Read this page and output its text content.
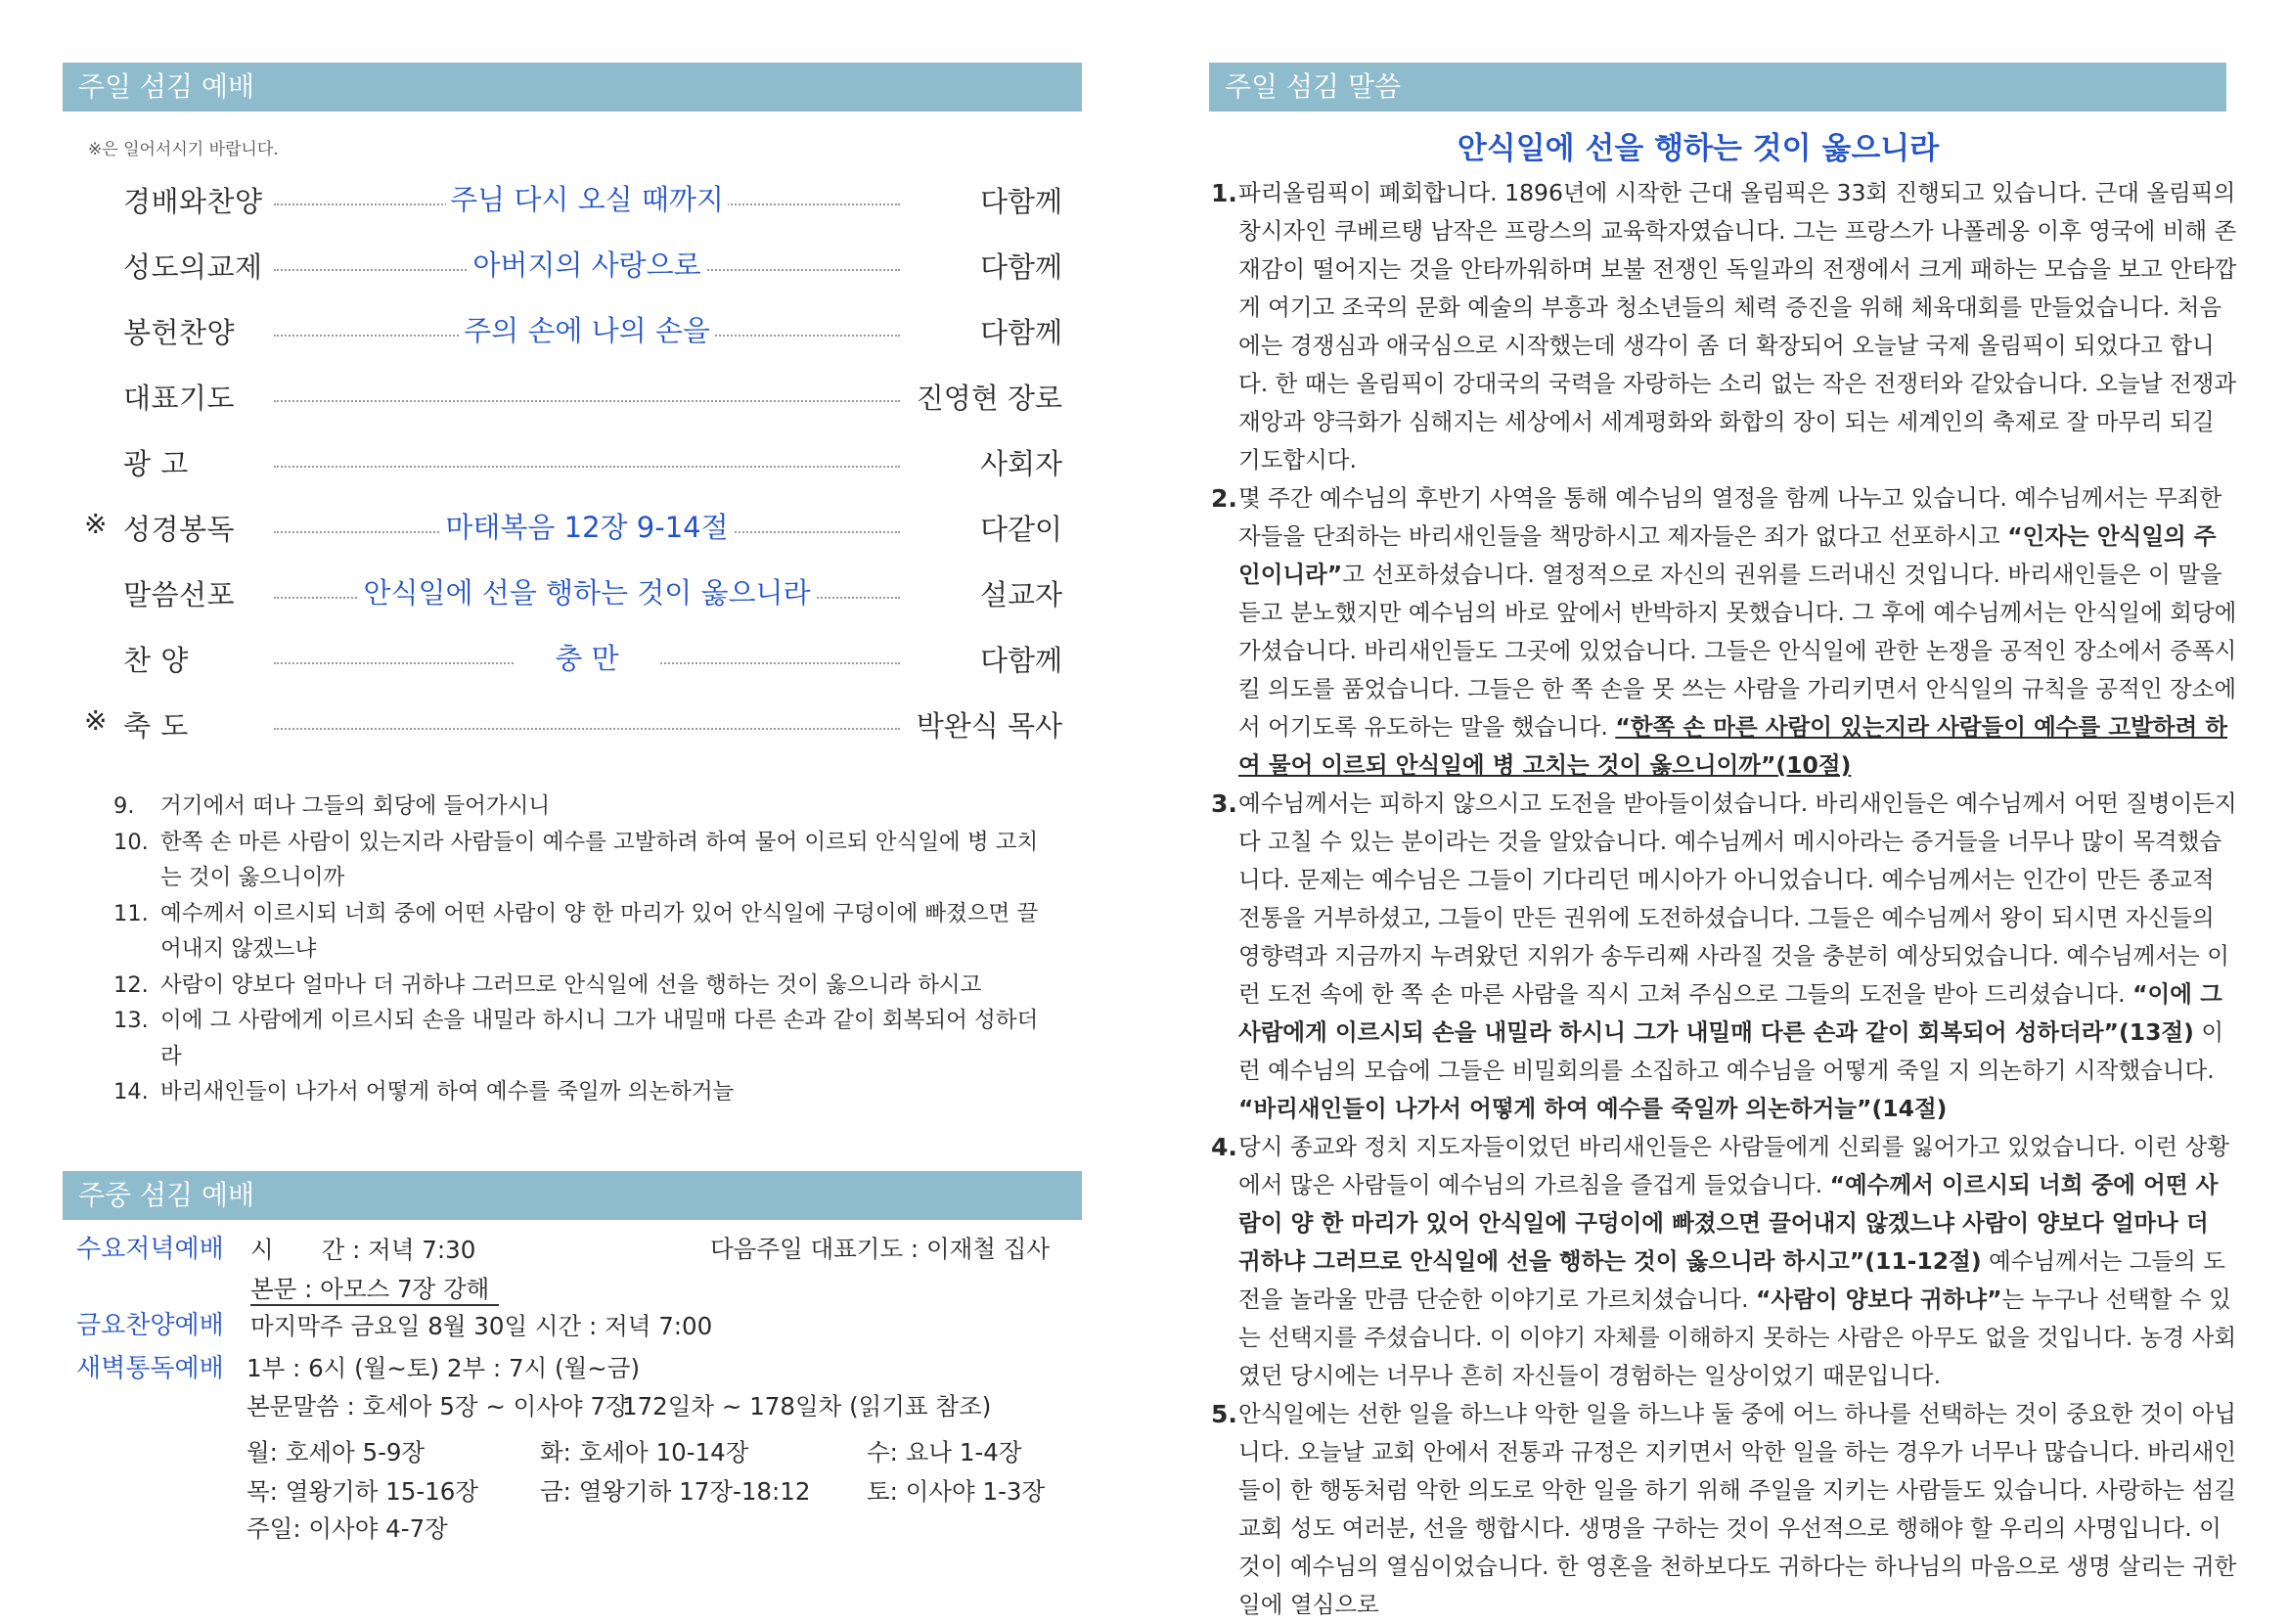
주일 섬김 예배
※은 일어서시기 바랍니다.
경배와찬양	주님 다시 오실 때까지	다함께
성도의교제	아버지의 사랑으로	다함께
봉헌찬양	주의 손에 나의 손을	다함께
대표기도	진영현 장로
광 고	사회자
※ 성경봉독	마태복음 12장 9-14절	다같이
말씀선포	안식일에 선을 행하는 것이 옳으니라	설교자
찬 양	충 만	다함께
※ 축 도	박완식 목사
9. 거기에서 떠나 그들의 회당에 들어가시니
10. 한쪽 손 마른 사람이 있는지라 사람들이 예수를 고발하려 하여 물어 이르되 안식일에 병 고치는 것이 옳으니이까
11. 예수께서 이르시되 너희 중에 어떤 사람이 양 한 마리가 있어 안식일에 구덩이에 빠졌으면 끌어내지 않겠느냐
12. 사람이 양보다 얼마나 더 귀하냐 그러므로 안식일에 선을 행하는 것이 옳으니라 하시고
13. 이에 그 사람에게 이르시되 손을 내밀라 하시니 그가 내밀매 다른 손과 같이 회복되어 성하더라
14. 바리새인들이 나가서 어떻게 하여 예수를 죽일까 의논하거늘
주중 섬김 예배
수요저녁예배 시　　간 : 저녁 7:30	다음주일 대표기도 : 이재철 집사
본문 : 아모스 7장 강해
금요찬양예배 마지막주 금요일 8월 30일 시간 : 저녁 7:00
새벽통독예배 1부 : 6시 (월~토) 2부 : 7시 (월~금)
본문말씀 : 호세아 5장 ~ 이사야 7장
172일차 ~ 178일차 (읽기표 참조)
월: 호세아 5-9장	화: 호세아 10-14장	수: 요나 1-4장
목: 열왕기하 15-16장	금: 열왕기하 17장-18:12 토: 이사야 1-3장
주일: 이사야 4-7장
주일 섬김 말씀
안식일에 선을 행하는 것이 옳으니라
1. 파리올림픽이 폐회합니다. 1896년에 시작한 근대 올림픽은 33회 진행되고 있습니다. 근대 올림픽의 창시자인 쿠베르탱 남작은 프랑스의 교육학자였습니다. 그는 프랑스가 나폴레옹 이후 영국에 비해 존재감이 떨어지는 것을 안타까워하며 보불 전쟁인 독일과의 전쟁에서 크게 패하는 모습을 보고 안타깝게 여기고 조국의 문화 예술의 부흥과 청소년들의 체력 증진을 위해 체육대회를 만들었습니다. 처음에는 경쟁심과 애국심으로 시작했는데 생각이 좀 더 확장되어 오늘날 국제 올림픽이 되었다고 합니다. 한 때는 올림픽이 강대국의 국력을 자랑하는 소리 없는 작은 전쟁터와 같았습니다. 오늘날 전쟁과 재앙과 양극화가 심해지는 세상에서 세계평화와 화합의 장이 되는 세계인의 축제로 잘 마무리 되길 기도합시다.
2. 몇 주간 예수님의 후반기 사역을 통해 예수님의 열정을 함께 나누고 있습니다. 예수님께서는 무죄한 자들을 단죄하는 바리새인들을 책망하시고 제자들은 죄가 없다고 선포하시고 “인자는 안식일의 주인이니라”고 선포하셨습니다. 열정적으로 자신의 권위를 드러내신 것입니다. 바리새인들은 이 말을 듣고 분노했지만 예수님의 바로 앞에서 반박하지 못했습니다. 그 후에 예수님께서는 안식일에 회당에 가셨습니다. 바리새인들도 그곳에 있었습니다. 그들은 안식일에 관한 논쟁을 공적인 장소에서 증폭시킬 의도를 품었습니다. 그들은 한 쪽 손을 못 쓰는 사람을 가리키면서 안식일의 규칙을 공적인 장소에서 어기도록 유도하는 말을 했습니다. “한쪽 손 마른 사람이 있는지라 사람들이 예수를 고발하려 하여 물어 이르되 안식일에 병 고치는 것이 옳으니이까”(10절)
3. 예수님께서는 피하지 않으시고 도전을 받아들이셨습니다. 바리새인들은 예수님께서 어떤 질병이든지 다 고칠 수 있는 분이라는 것을 알았습니다. 예수님께서 메시아라는 증거들을 너무나 많이 목격했습니다. 문제는 예수님은 그들이 기다리던 메시아가 아니었습니다. 예수님께서는 인간이 만든 종교적 전통을 거부하셨고, 그들이 만든 권위에 도전하셨습니다. 그들은 예수님께서 왕이 되시면 자신들의 영향력과 지금까지 누려왔던 지위가 송두리째 사라질 것을 충분히 예상되었습니다. 예수님께서는 이런 도전 속에 한 쪽 손 마른 사람을 직시 고쳐 주심으로 그들의 도전을 받아 드리셨습니다. “이에 그 사람에게 이르시되 손을 내밀라 하시니 그가 내밀매 다른 손과 같이 회복되어 성하더라”(13절) 이런 예수님의 모습에 그들은 비밀회의를 소집하고 예수님을 어떻게 죽일 지 의논하기 시작했습니다. “바리새인들이 나가서 어떻게 하여 예수를 죽일까 의논하거늘”(14절)
4. 당시 종교와 정치 지도자들이었던 바리새인들은 사람들에게 신뢰를 잃어가고 있었습니다. 이런 상황에서 많은 사람들이 예수님의 가르침을 즐겁게 들었습니다. “예수께서 이르시되 너희 중에 어떤 사람이 양 한 마리가 있어 안식일에 구덩이에 빠졌으면 끌어내지 않겠느냐 사람이 양보다 얼마나 더 귀하냐 그러므로 안식일에 선을 행하는 것이 옳으니라 하시고”(11-12절) 예수님께서는 그들의 도전을 놀라울 만큼 단순한 이야기로 가르치셨습니다. “사람이 양보다 귀하냐”는 누구나 선택할 수 있는 선택지를 주셨습니다. 이 이야기 자체를 이해하지 못하는 사람은 아무도 없을 것입니다. 농경 사회였던 당시에는 너무나 흔히 자신들이 경험하는 일상이었기 때문입니다.
5. 안식일에는 선한 일을 하느냐 악한 일을 하느냐 둘 중에 어느 하나를 선택하는 것이 중요한 것이 아닙니다. 오늘날 교회 안에서 전통과 규정은 지키면서 악한 일을 하는 경우가 너무나 많습니다. 바리새인들이 한 행동처럼 악한 의도로 악한 일을 하기 위해 주일을 지키는 사람들도 있습니다. 사랑하는 섬길교회 성도 여러분, 선을 행합시다. 생명을 구하는 것이 우선적으로 행해야 할 우리의 사명입니다. 이것이 예수님의 열심이었습니다. 한 영혼을 천하보다도 귀하다는 하나님의 마음으로 생명 살리는 귀한 일에 열심으로
